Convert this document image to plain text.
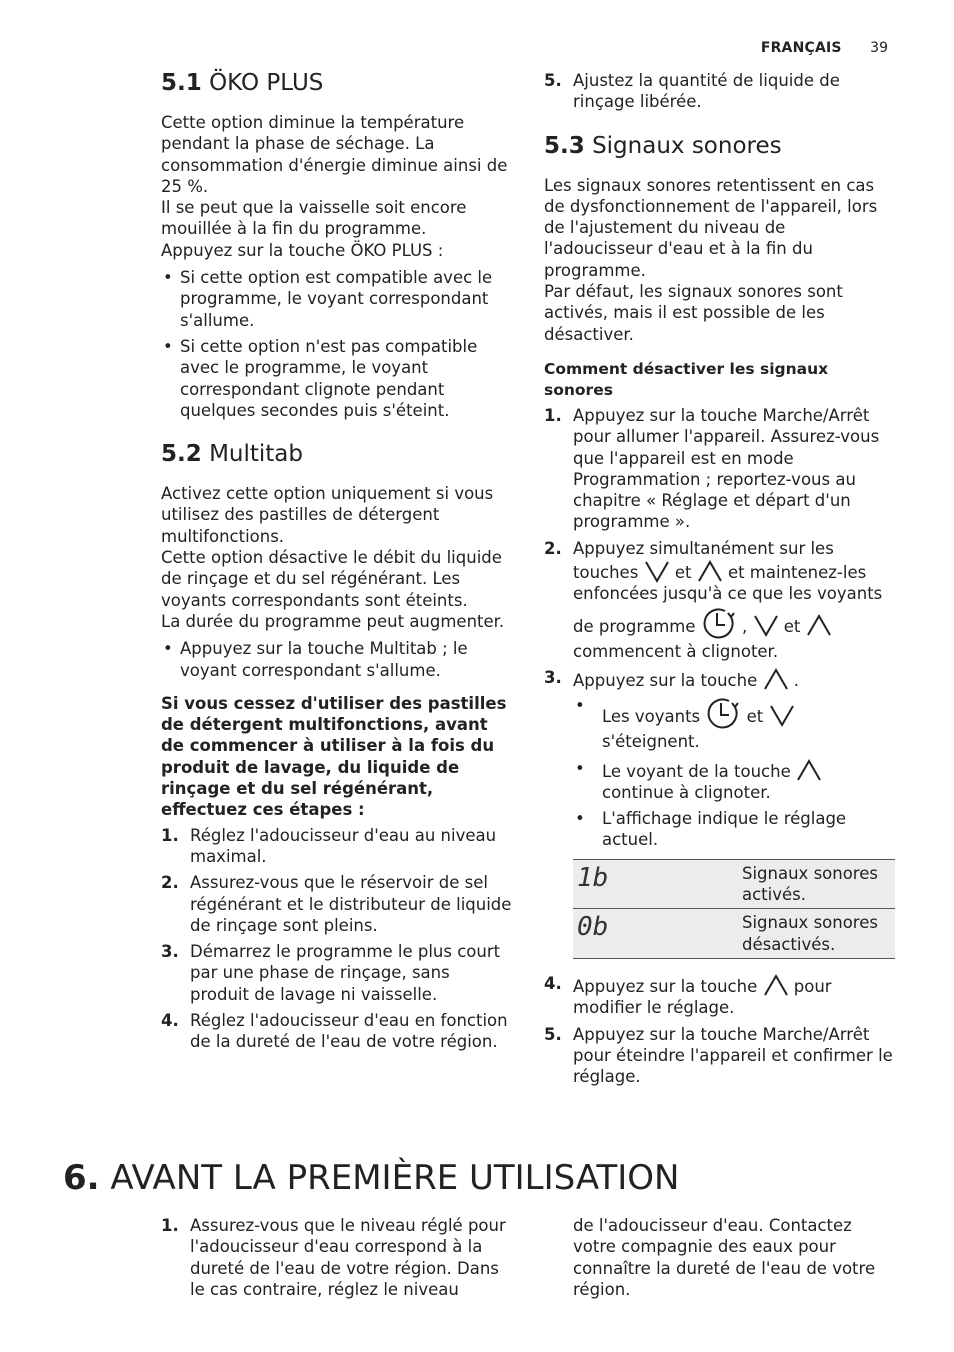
FRANÇAIS 39
5.1 ÖKO PLUS

Cette option diminue la température pendant la phase de séchage. La consommation d'énergie diminue ainsi de 25 %.

Il se peut que la vaisselle soit encore mouillée à la fin du programme.

Appuyez sur la touche ÖKO PLUS :

• Si cette option est compatible avec le programme, le voyant correspondant s'allume.
• Si cette option n'est pas compatible avec le programme, le voyant correspondant clignote pendant quelques secondes puis s'éteint.
5.2 Multitab

Activez cette option uniquement si vous utilisez des pastilles de détergent multifonctions.

Cette option désactive le débit du liquide de rinçage et du sel régénérant. Les voyants correspondants sont éteints.

La durée du programme peut augmenter.

• Appuyez sur la touche Multitab ; le voyant correspondant s'allume.

Si vous cessez d'utiliser des pastilles de détergent multifonctions, avant de commencer à utiliser à la fois du produit de lavage, du liquide de rinçage et du sel régénérant, effectuez ces étapes :

1. Réglez l'adoucisseur d'eau au niveau maximal.
2. Assurez-vous que le réservoir de sel régénérant et le distributeur de liquide de rinçage sont pleins.
3. Démarrez le programme le plus court par une phase de rinçage, sans produit de lavage ni vaisselle.
4. Réglez l'adoucisseur d'eau en fonction de la dureté de l'eau de votre région.
5. Ajustez la quantité de liquide de rinçage libérée.
5.3 Signaux sonores

Les signaux sonores retentissent en cas de dysfonctionnement de l'appareil, lors de l'ajustement du niveau de l'adoucisseur d'eau et à la fin du programme.

Par défaut, les signaux sonores sont activés, mais il est possible de les désactiver.

Comment désactiver les signaux sonores

1. Appuyez sur la touche Marche/Arrêt pour allumer l'appareil. Assurez-vous que l'appareil est en mode Programmation ; reportez-vous au chapitre « Réglage et départ d'un programme ».
2. Appuyez simultanément sur les touches et et maintenez-les enfoncées jusqu'à ce que les voyants de programme	, et  commencent à clignoter.
3. Appuyez sur la touche .
• Les voyants	et  s'éteignent.
• Le voyant de la touche  continue à clignoter.
• L'affichage indique le réglage actuel.
1b	Signaux sonores activés.
0b	Signaux sonores désactivés.
4. Appuyez sur la touche pour modifier le réglage.
5. Appuyez sur la touche Marche/Arrêt pour éteindre l'appareil et confirmer le réglage.
6. AVANT LA PREMIÈRE UTILISATION
1. Assurez-vous que le niveau réglé pour l'adoucisseur d'eau correspond à la dureté de l'eau de votre région. Dans le cas contraire, réglez le niveau

de l'adoucisseur d'eau. Contactez votre compagnie des eaux pour connaître la dureté de l'eau de votre région.
